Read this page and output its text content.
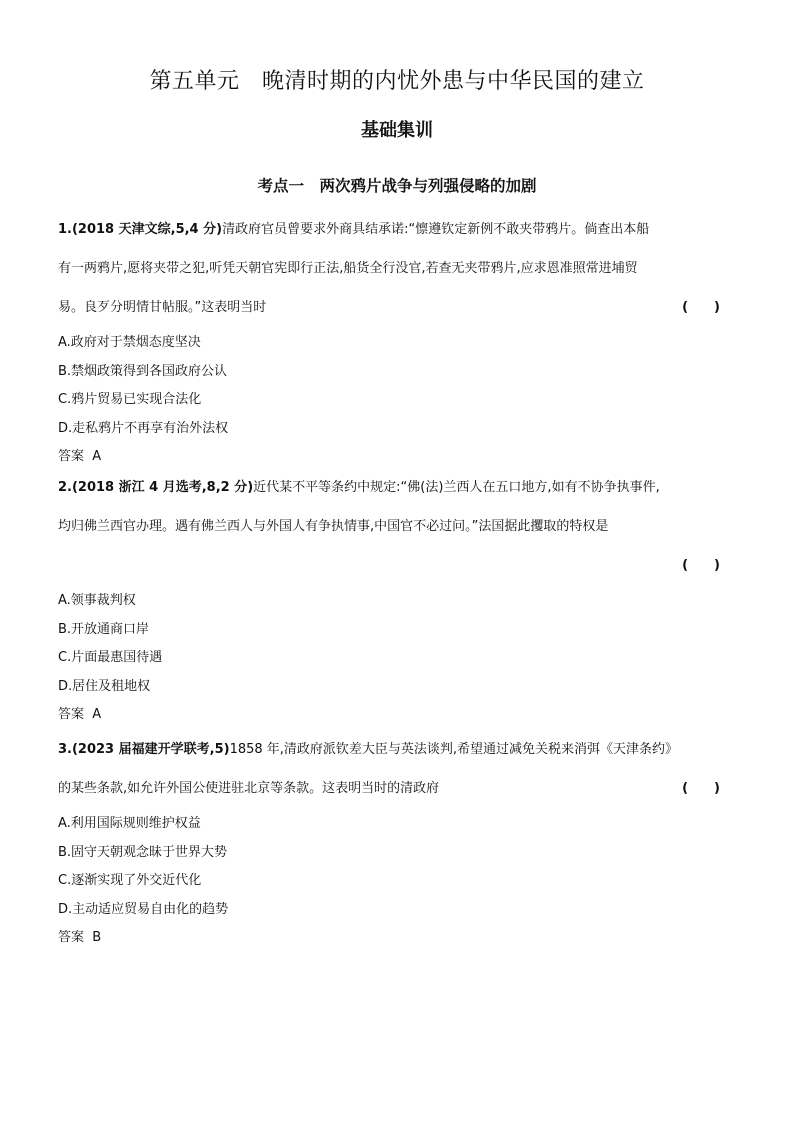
第五单元　晚清时期的内忧外患与中华民国的建立
基础集训
考点一　两次鸦片战争与列强侵略的加剧
1.(2018 天津文综,5,4 分)清政府官员曾要求外商具结承诺:“懔遵钦定新例不敢夹带鸦片。倘查出本船
有一两鸦片,愿将夹带之犯,听凭天朝官宪即行正法,船货全行没官,若查无夹带鸦片,应求恩准照常进埔贸
易。良歹分明情甘帖服。”这表明当时	(　　)
A.政府对于禁烟态度坚决
B.禁烟政策得到各国政府公认
C.鸦片贸易已实现合法化
D.走私鸦片不再享有治外法权
答案 A
2.(2018 浙江 4 月选考,8,2 分)近代某不平等条约中规定:“佛(法)兰西人在五口地方,如有不协争执事件,
均归佛兰西官办理。遇有佛兰西人与外国人有争执情事,中国官不必过问。”法国据此攫取的特权是
(　　)
A.领事裁判权
B.开放通商口岸
C.片面最惠国待遇
D.居住及租地权
答案 A
3.(2023 届福建开学联考,5)1858 年,清政府派钦差大臣与英法谈判,希望通过减免关税来消弭《天津条约》
的某些条款,如允许外国公使进驻北京等条款。这表明当时的清政府	(　　)
A.利用国际规则维护权益
B.固守天朝观念昧于世界大势
C.逐渐实现了外交近代化
D.主动适应贸易自由化的趋势
答案 B
